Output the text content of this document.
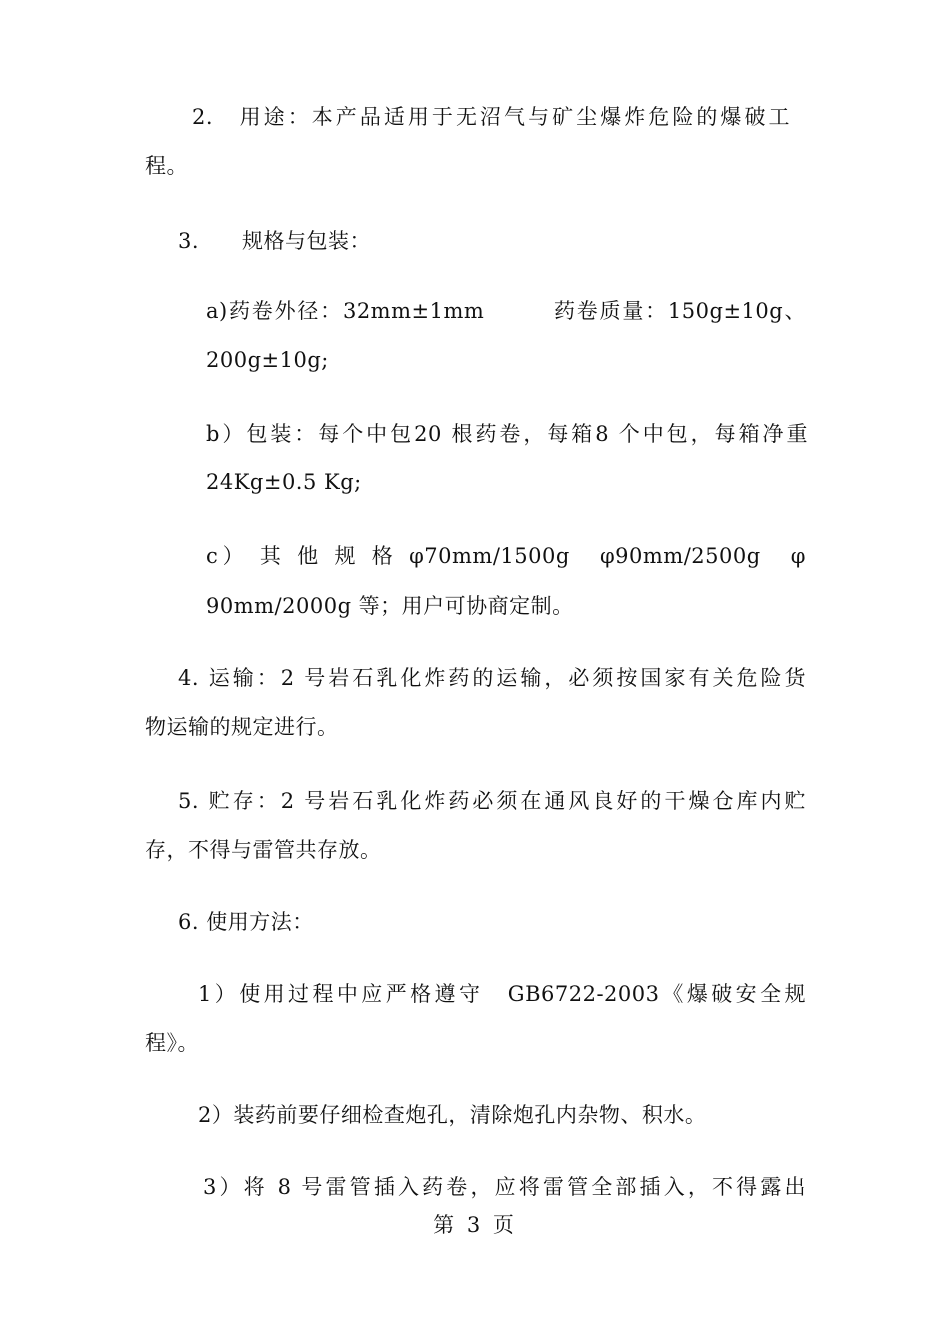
2.　用途：本产品适用于无沼气与矿尘爆炸危险的爆破工
程。
3.　　规格与包装：
a)药卷外径：32mm±1mm　　　药卷质量：150g±10g、
200g±10g;
b）包装：每个中包20 根药卷，每箱8 个中包，每箱净重
24Kg±0.5 Kg;
c） 其 他 规 格 φ70mm/1500g　φ90mm/2500g　φ
90mm/2000g 等；用户可协商定制。
4. 运输：2 号岩石乳化炸药的运输，必须按国家有关危险货
物运输的规定进行。
5. 贮存：2 号岩石乳化炸药必须在通风良好的干燥仓库内贮
存，不得与雷管共存放。
6. 使用方法：
1）使用过程中应严格遵守　GB6722-2003《爆破安全规
程》。
2）装药前要仔细检查炮孔，清除炮孔内杂物、积水。
3）将 8 号雷管插入药卷，应将雷管全部插入，不得露出
第 3 页
